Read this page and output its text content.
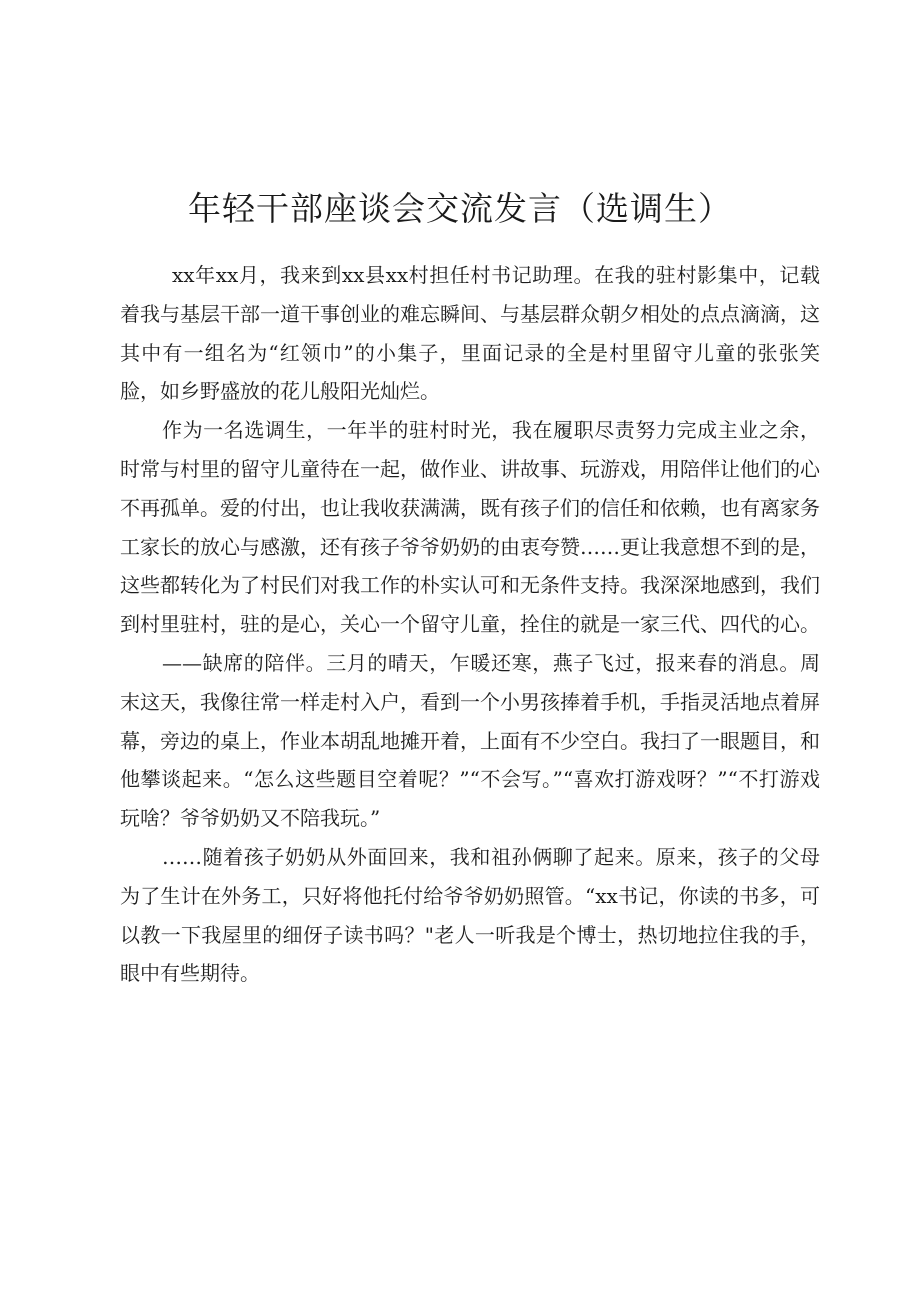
年轻干部座谈会交流发言（选调生）

xx年xx月，我来到xx县xx村担任村书记助理。在我的驻村影集中，记载着我与基层干部一道干事创业的难忘瞬间、与基层群众朝夕相处的点点滴滴，这其中有一组名为“红领巾”的小集子，里面记录的全是村里留守儿童的张张笑脸，如乡野盛放的花儿般阳光灿烂。

作为一名选调生，一年半的驻村时光，我在履职尽责努力完成主业之余，时常与村里的留守儿童待在一起，做作业、讲故事、玩游戏，用陪伴让他们的心不再孤单。爱的付出，也让我收获满满，既有孩子们的信任和依赖，也有离家务工家长的放心与感激，还有孩子爷爷奶奶的由衷夸赞……更让我意想不到的是，这些都转化为了村民们对我工作的朴实认可和无条件支持。我深深地感到，我们到村里驻村，驻的是心，关心一个留守儿童，拴住的就是一家三代、四代的心。

——缺席的陪伴。三月的晴天，乍暖还寒，燕子飞过，报来春的消息。周末这天，我像往常一样走村入户，看到一个小男孩捧着手机，手指灵活地点着屏幕，旁边的桌上，作业本胡乱地摊开着，上面有不少空白。我扫了一眼题目，和他攀谈起来。“怎么这些题目空着呢？”“不会写。”“喜欢打游戏呀？”“不打游戏玩啥？爷爷奶奶又不陪我玩。”

……随着孩子奶奶从外面回来，我和祖孙俩聊了起来。原来，孩子的父母为了生计在外务工，只好将他托付给爷爷奶奶照管。“xx书记，你读的书多，可以教一下我屋里的细伢子读书吗？"老人一听我是个博士，热切地拉住我的手，眼中有些期待。
